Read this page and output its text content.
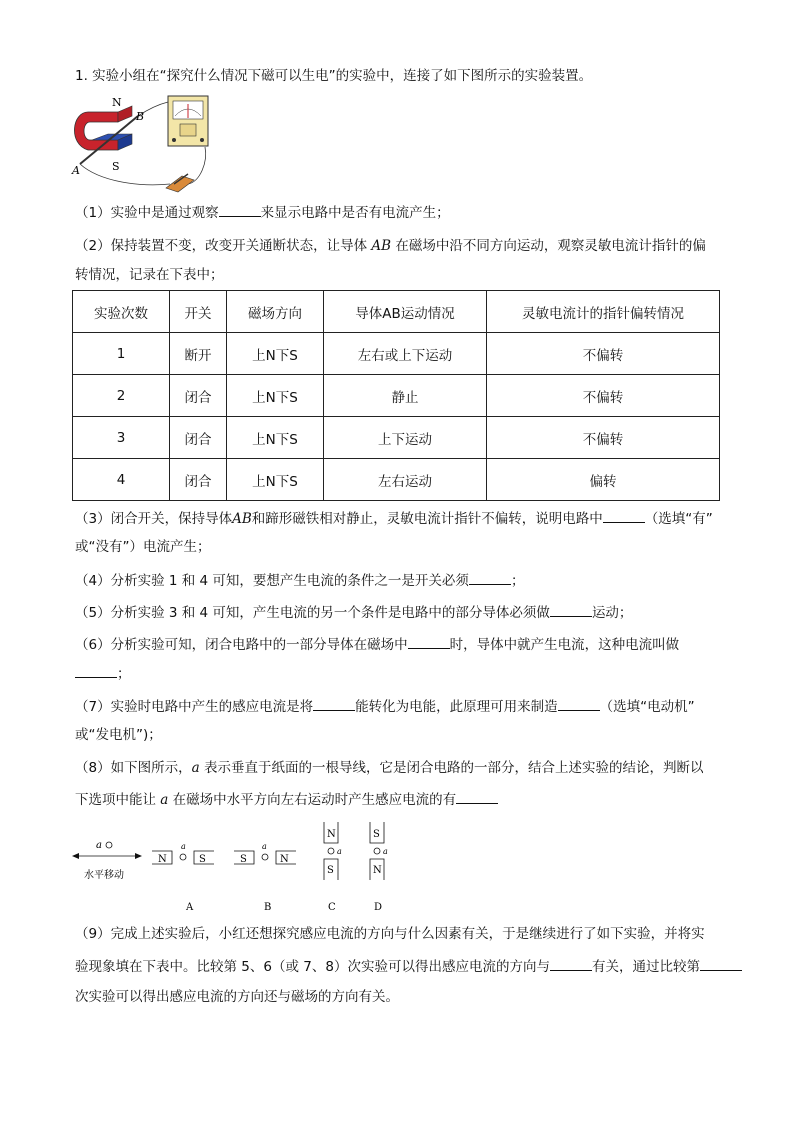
1. 实验小组在“探究什么情况下磁可以生电”的实验中，连接了如下图所示的实验装置。
N
S
A
B
（1）实验中是通过观察	来显示电路中是否有电流产生；
（2）保持装置不变，改变开关通断状态，让导体 AB 在磁场中沿不同方向运动，观察灵敏电流计指针的偏
转情况，记录在下表中；
实验次数	开关	磁场方向	导体AB运动情况	灵敏电流计的指针偏转情况
1	断开	上N下S	左右或上下运动	不偏转
2	闭合	上N下S	静止	不偏转
3	闭合	上N下S	上下运动	不偏转
4	闭合	上N下S	左右运动	偏转
（3）闭合开关，保持导体AB和蹄形磁铁相对静止，灵敏电流计指针不偏转，说明电路中	（选填“有”
或“没有”）电流产生；
（4）分析实验 1 和 4 可知，要想产生电流的条件之一是开关必须	；
（5）分析实验 3 和 4 可知，产生电流的另一个条件是电路中的部分导体必须做	运动；
（6）分析实验可知，闭合电路中的一部分导体在磁场中	时，导体中就产生电流，这种电流叫做
；
（7）实验时电路中产生的感应电流是将	能转化为电能，此原理可用来制造	（选填“电动机”
或“发电机”)；
（8）如下图所示，a 表示垂直于纸面的一根导线，它是闭合电路的一部分，结合上述实验的结论，判断以
下选项中能让 a 在磁场中水平方向左右运动时产生感应电流的有
a
水平移动
N
a
S
A
S
a
N
B
N
a
S
C
S
a
N
D
（9）完成上述实验后，小红还想探究感应电流的方向与什么因素有关，于是继续进行了如下实验，并将实
验现象填在下表中。比较第 5、6（或 7、8）次实验可以得出感应电流的方向与	有关，通过比较第
次实验可以得出感应电流的方向还与磁场的方向有关。
